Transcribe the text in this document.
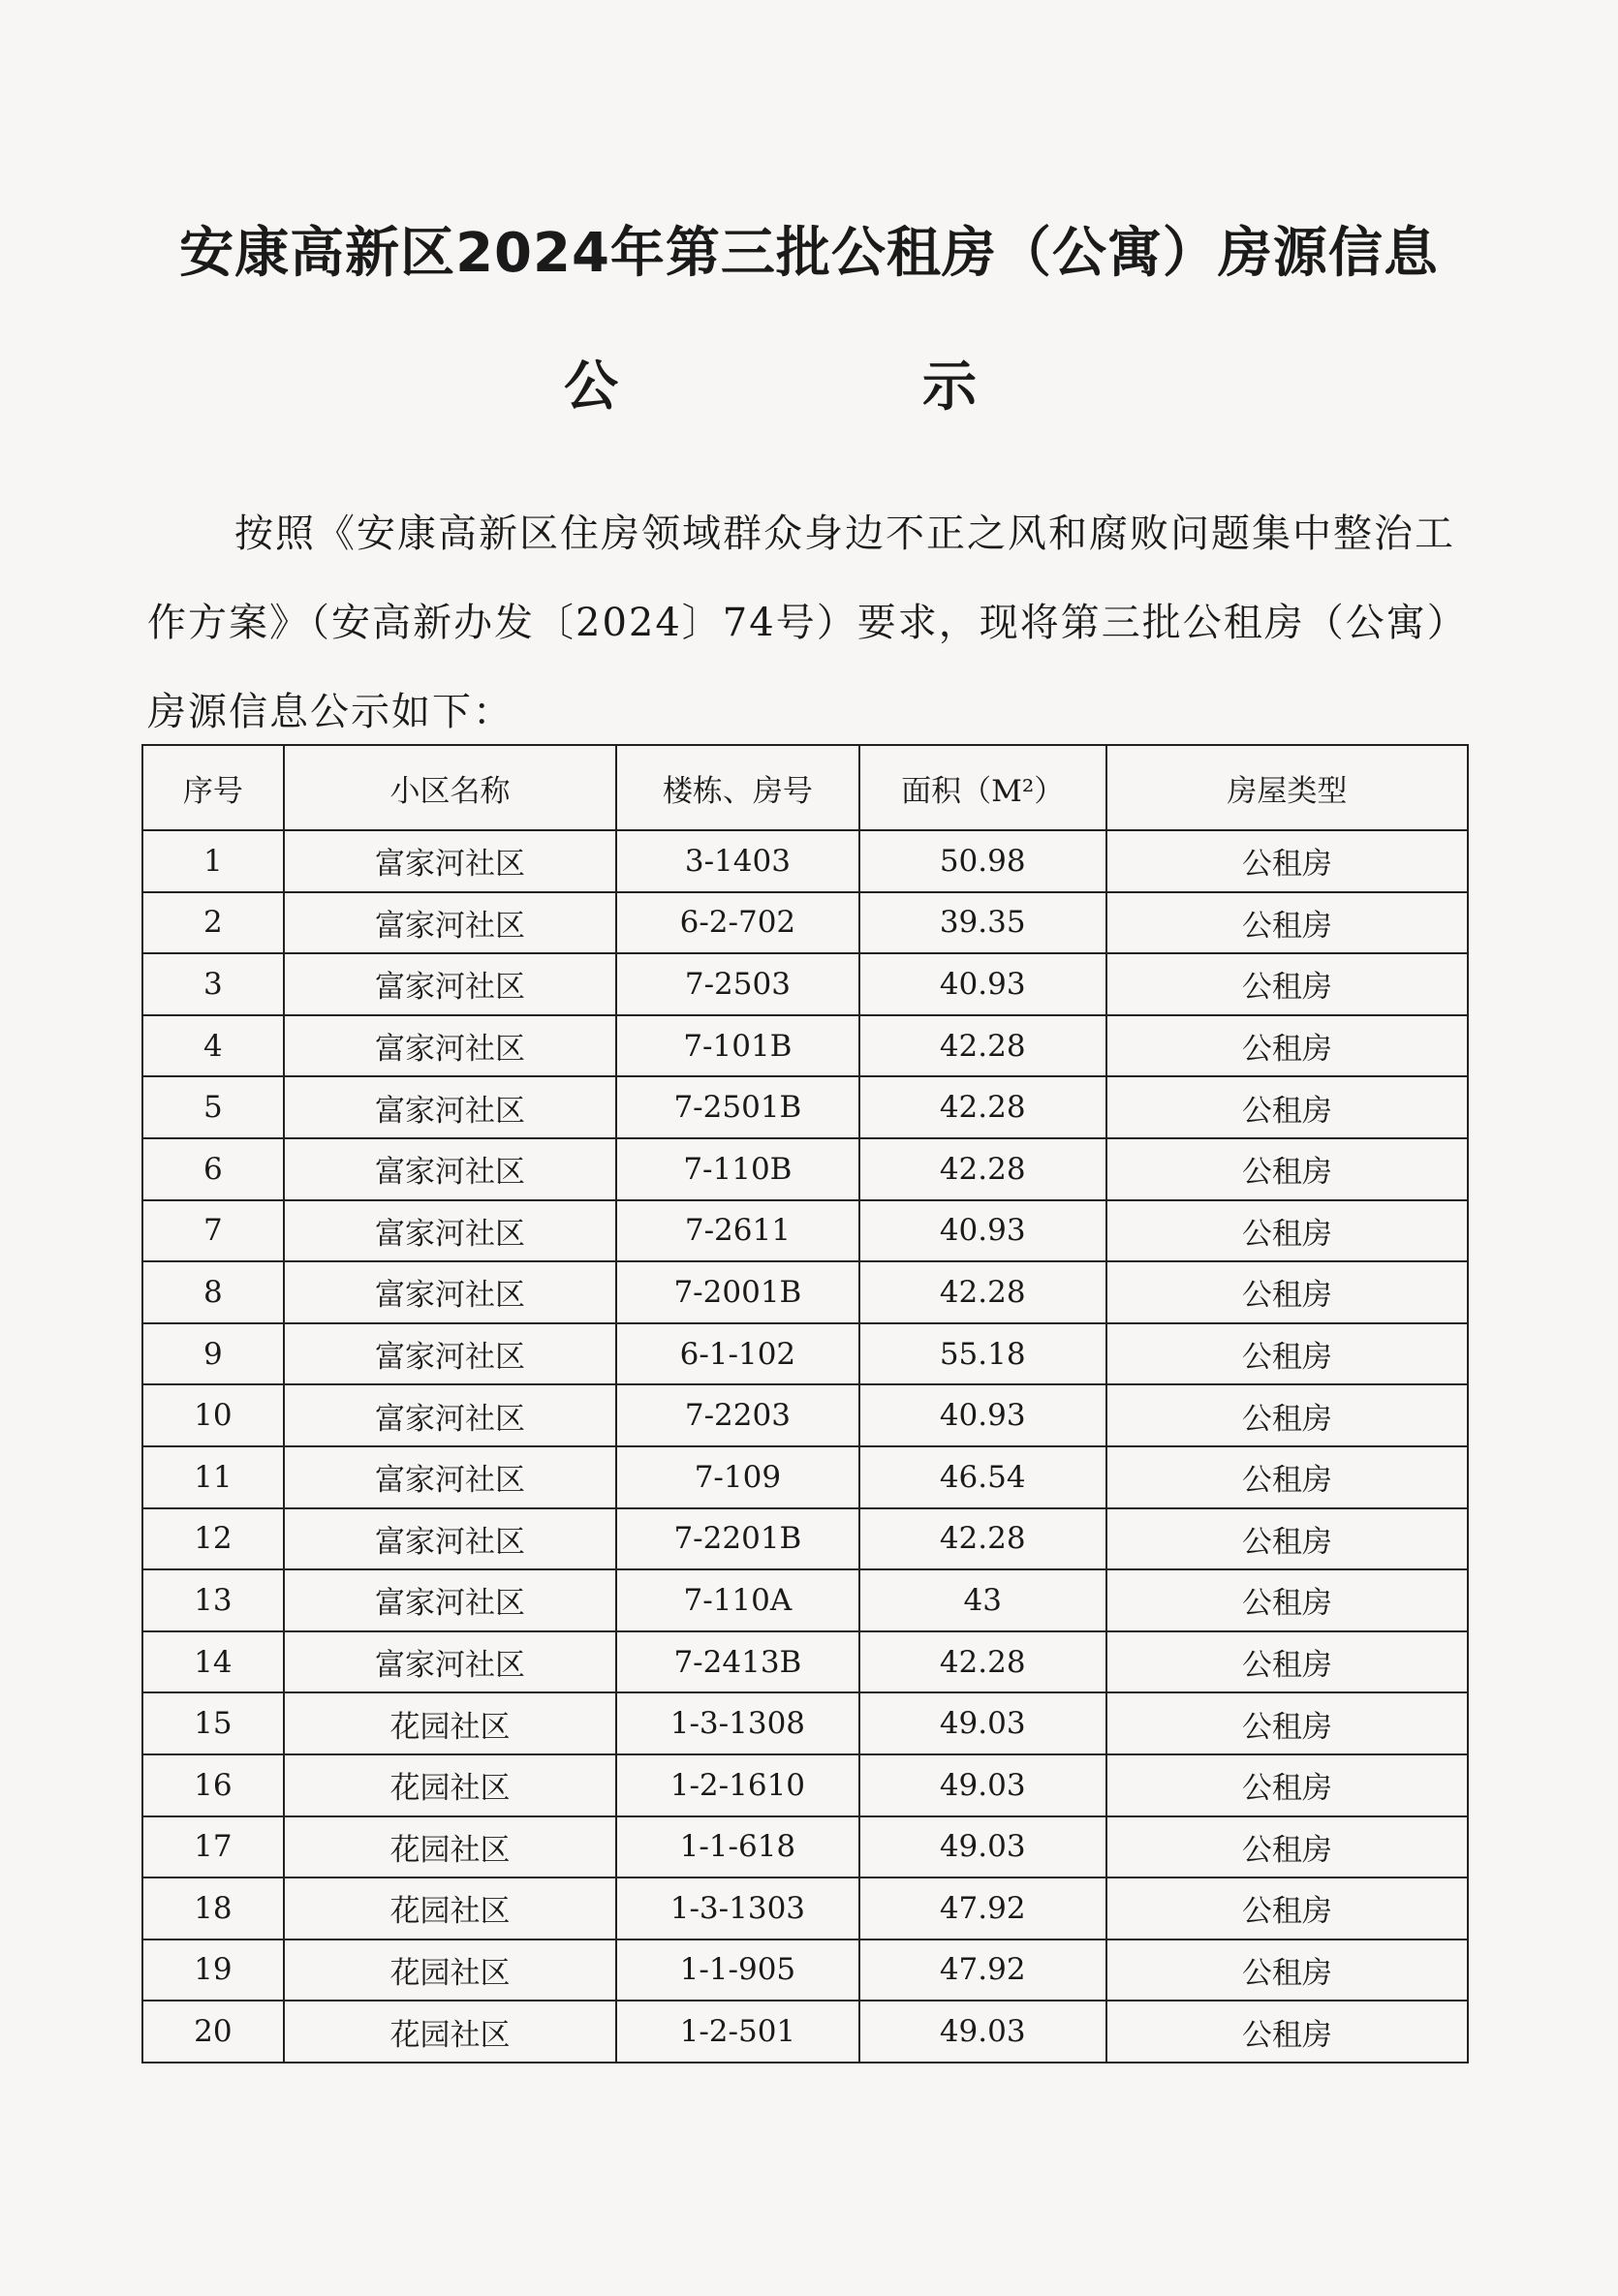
安康高新区2024年第三批公租房（公寓）房源信息
公	示
按照《安康高新区住房领域群众身边不正之风和腐败问题集中整治工作方案》（安高新办发〔2024〕74号）要求，现将第三批公租房（公寓）房源信息公示如下：
序号	小区名称	楼栋、房号	面积（M²）	房屋类型
1	富家河社区	3-1403	50.98	公租房
2	富家河社区	6-2-702	39.35	公租房
3	富家河社区	7-2503	40.93	公租房
4	富家河社区	7-101B	42.28	公租房
5	富家河社区	7-2501B	42.28	公租房
6	富家河社区	7-110B	42.28	公租房
7	富家河社区	7-2611	40.93	公租房
8	富家河社区	7-2001B	42.28	公租房
9	富家河社区	6-1-102	55.18	公租房
10	富家河社区	7-2203	40.93	公租房
11	富家河社区	7-109	46.54	公租房
12	富家河社区	7-2201B	42.28	公租房
13	富家河社区	7-110A	43	公租房
14	富家河社区	7-2413B	42.28	公租房
15	花园社区	1-3-1308	49.03	公租房
16	花园社区	1-2-1610	49.03	公租房
17	花园社区	1-1-618	49.03	公租房
18	花园社区	1-3-1303	47.92	公租房
19	花园社区	1-1-905	47.92	公租房
20	花园社区	1-2-501	49.03	公租房
